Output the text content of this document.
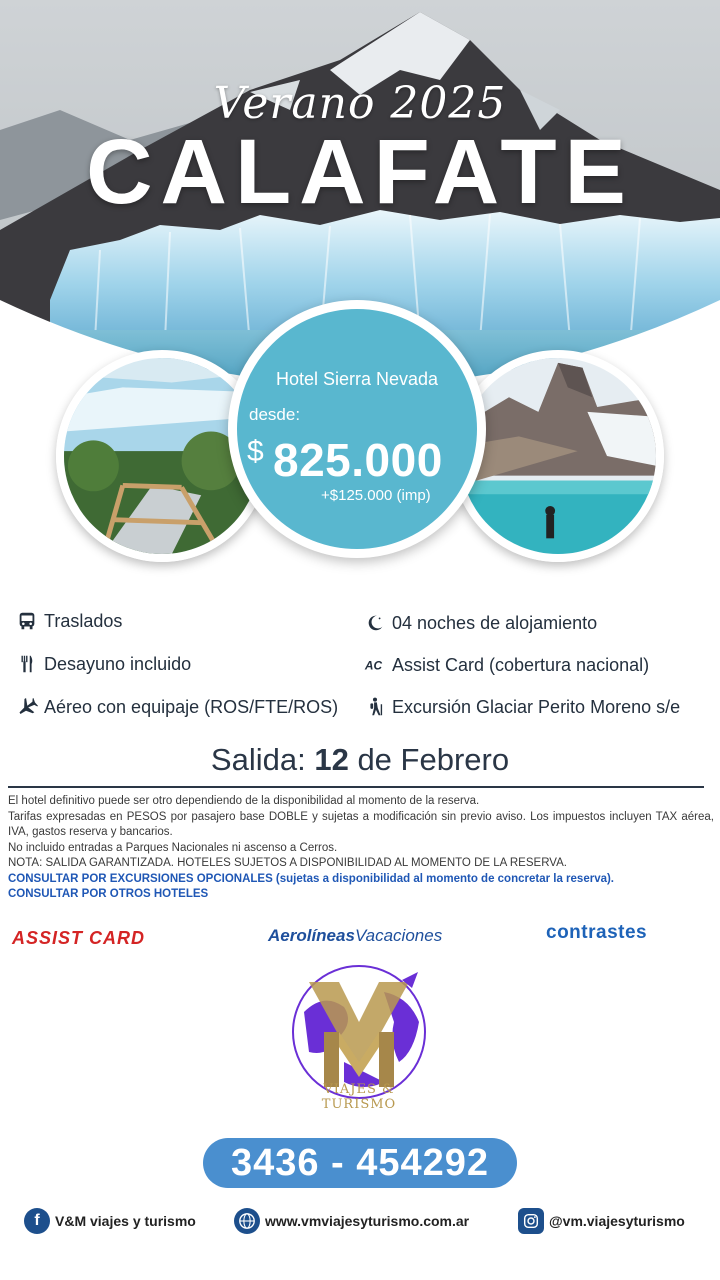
Verano 2025
CALAFATE
Hotel Sierra Nevada
desde:
$ 825.000
+$125.000 (imp)
Traslados
Desayuno incluido
Aéreo con equipaje (ROS/FTE/ROS)
04 noches de alojamiento
AC Assist Card (cobertura nacional)
Excursión Glaciar Perito Moreno s/e
Salida: 12 de Febrero

El hotel definitivo puede ser otro dependiendo de la disponibilidad al momento de la reserva.

Tarifas expresadas en PESOS por pasajero base DOBLE y sujetas a modificación sin previo aviso. Los impuestos incluyen TAX aérea, IVA, gastos reserva y bancarios.

No incluido entradas a Parques Nacionales ni ascenso a Cerros.

NOTA: SALIDA GARANTIZADA. HOTELES SUJETOS A DISPONIBILIDAD AL MOMENTO DE LA RESERVA.

CONSULTAR POR EXCURSIONES OPCIONALES (sujetas a disponibilidad al momento de concretar la reserva).

CONSULTAR POR OTROS HOTELES

ASSIST CARD	AerolíneasVacaciones	contrastes
VIAJES &
TURISMO
3436 - 454292
f	V&M viajes y turismo	www.vmviajesyturismo.com.ar	@vm.viajesyturismo
